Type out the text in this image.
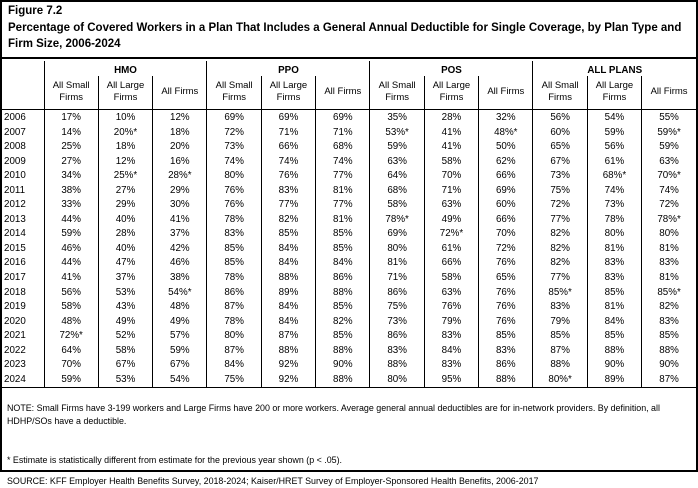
Figure 7.2
Percentage of Covered Workers in a Plan That Includes a General Annual Deductible for Single Coverage, by Plan Type and Firm Size, 2006-2024
	HMO			PPO			POS			ALL PLANS		
	All Small Firms	All Large Firms	All Firms	All Small Firms	All Large Firms	All Firms	All Small Firms	All Large Firms	All Firms	All Small Firms	All Large Firms	All Firms
2006	17%	10%	12%	69%	69%	69%	35%	28%	32%	56%	54%	55%
2007	14%	20%*	18%	72%	71%	71%	53%*	41%	48%*	60%	59%	59%*
2008	25%	18%	20%	73%	66%	68%	59%	41%	50%	65%	56%	59%
2009	27%	12%	16%	74%	74%	74%	63%	58%	62%	67%	61%	63%
2010	34%	25%*	28%*	80%	76%	77%	64%	70%	66%	73%	68%*	70%*
2011	38%	27%	29%	76%	83%	81%	68%	71%	69%	75%	74%	74%
2012	33%	29%	30%	76%	77%	77%	58%	63%	60%	72%	73%	72%
2013	44%	40%	41%	78%	82%	81%	78%*	49%	66%	77%	78%	78%*
2014	59%	28%	37%	83%	85%	85%	69%	72%*	70%	82%	80%	80%
2015	46%	40%	42%	85%	84%	85%	80%	61%	72%	82%	81%	81%
2016	44%	47%	46%	85%	84%	84%	81%	66%	76%	82%	83%	83%
2017	41%	37%	38%	78%	88%	86%	71%	58%	65%	77%	83%	81%
2018	56%	53%	54%*	86%	89%	88%	86%	63%	76%	85%*	85%	85%*
2019	58%	43%	48%	87%	84%	85%	75%	76%	76%	83%	81%	82%
2020	48%	49%	49%	78%	84%	82%	73%	79%	76%	79%	84%	83%
2021	72%*	52%	57%	80%	87%	85%	86%	83%	85%	85%	85%	85%
2022	64%	58%	59%	87%	88%	88%	83%	84%	83%	87%	88%	88%
2023	70%	67%	67%	84%	92%	90%	88%	83%	86%	88%	90%	90%
2024	59%	53%	54%	75%	92%	88%	80%	95%	88%	80%*	89%	87%

NOTE: Small Firms have 3-199 workers and Large Firms have 200 or more workers. Average general annual deductibles are for in-network providers. By definition, all HDHP/SOs have a deductible.

* Estimate is statistically different from estimate for the previous year shown (p < .05).

SOURCE: KFF Employer Health Benefits Survey, 2018-2024; Kaiser/HRET Survey of Employer-Sponsored Health Benefits, 2006-2017
